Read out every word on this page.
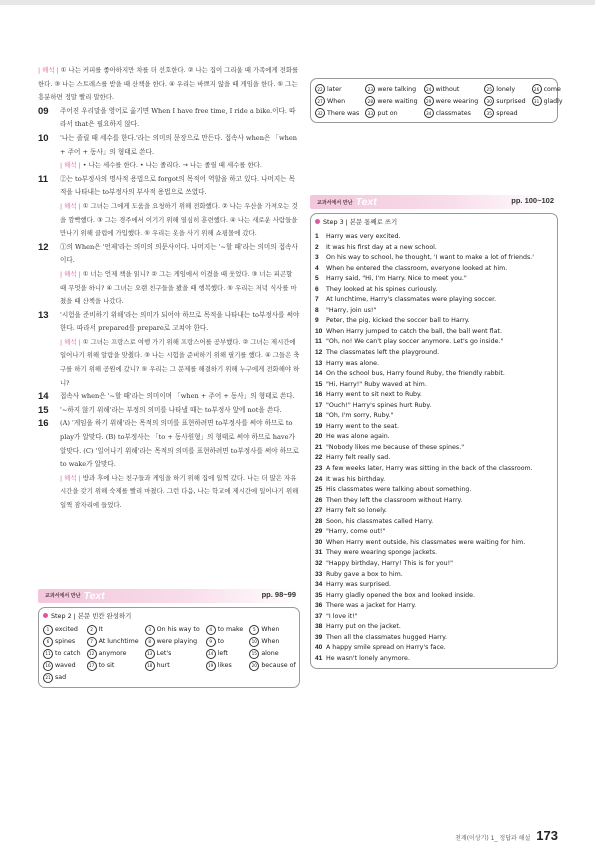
| 해석 | ① 나는 커피를 좋아하지만 차를 더 선호한다. ② 나는 집이 그리울 때 가족에게 전화를 한다. ③ 나는 스트레스를 받을 때 산책을 한다. ④ 우리는 바쁘지 않을 때 게임을 한다. ⑤ 그는 흥분하면 정말 빨리 말한다.

09	주어진 우리말을 영어로 옮기면 When I have free time, I ride a bike.이다. 따라서 that은 필요하지 않다.

10	'나는 졸릴 때 세수를 한다.'라는 의미의 문장으로 만든다. 접속사 when은 「when + 주어 + 동사」의 형태로 쓴다.

| 해석 | • 나는 세수를 한다. • 나는 졸리다. → 나는 졸릴 때 세수를 한다.

11	②는 to부정사의 명사적 용법으로 forgot의 목적어 역할을 하고 있다. 나머지는 목적을 나타내는 to부정사의 부사적 용법으로 쓰였다.

| 해석 | ① 그녀는 그에게 도움을 요청하기 위해 전화했다. ② 나는 우산을 가져오는 것을 깜빡했다. ③ 그는 경주에서 이기기 위해 열심히 훈련했다. ④ 나는 새로운 사람들을 만나기 위해 클럽에 가입했다. ⑤ 우리는 옷을 사기 위해 쇼핑몰에 갔다.

12	①의 When은 '언제'라는 의미의 의문사이다. 나머지는 '~할 때'라는 의미의 접속사이다.

| 해석 | ① 너는 언제 책을 읽니? ② 그는 게임에서 이겼을 때 웃었다. ③ 너는 피곤할 때 무엇을 하니? ④ 그녀는 오랜 친구들을 봤을 때 행복했다. ⑤ 우리는 저녁 식사를 마쳤을 때 산책을 나갔다.

13	'시험을 준비하기 위해'라는 의미가 되어야 하므로 목적을 나타내는 to부정사를 써야 한다. 따라서 prepared를 prepare로 고쳐야 한다.

| 해석 | ① 그녀는 프랑스로 여행 가기 위해 프랑스어를 공부했다. ② 그녀는 제시간에 일어나기 위해 알람을 맞췄다. ③ 나는 시험을 준비하기 위해 필기를 했다. ④ 그들은 축구를 하기 위해 공원에 갔니? ⑤ 우리는 그 문제를 해결하기 위해 누구에게 전화해야 하니?

14	접속사 when은 '~할 때'라는 의미이며 「when + 주어 + 동사」의 형태로 쓴다.

15	'~하지 않기 위해'라는 부정의 의미를 나타낼 때는 to부정사 앞에 not을 쓴다.

16	(A) '게임을 하기 위해'라는 목적의 의미를 표현하려면 to부정사를 써야 하므로 to play가 알맞다. (B) to부정사는 「to + 동사원형」의 형태로 써야 하므로 have가 알맞다. (C) '일어나기 위해'라는 목적의 의미를 표현하려면 to부정사를 써야 하므로 to wake가 알맞다.

| 해석 | 방과 후에 나는 친구들과 게임을 하기 위해 집에 일찍 갔다. 나는 더 많은 자유 시간을 갖기 위해 숙제를 빨리 마쳤다. 그런 다음, 나는 학교에 제시간에 일어나기 위해 일찍 잠자리에 들었다.

교과서에서 만난 Text	pp. 98~99
Step 2 | 본문 빈칸 완성하기
1 excited	2 It	3 On his way to	4 to make	5 When
6 spines	7 At lunchtime	8 were playing	9 to	10 When
11 to catch	12 anymore	13 Let's	14 left	15 alone
16 waved	17 to sit	18 hurt	19 likes	20 because of
21 sad
22 later	23 were talking	24 without	25 lonely	26 come
27 When	28 were waiting	29 were wearing	30 surprised	31 gladly
32 There was	33 put on	34 classmates	35 spread
교과서에서 만난 Text	pp. 100~102
Step 3 | 본문 통째로 쓰기
1	Harry was very excited.
2	It was his first day at a new school.
3	On his way to school, he thought, 'I want to make a lot of friends.'
4	When he entered the classroom, everyone looked at him.
5	Harry said, "Hi, I'm Harry. Nice to meet you."
6	They looked at his spines curiously.
7	At lunchtime, Harry's classmates were playing soccer.
8	"Harry, join us!"
9	Peter, the pig, kicked the soccer ball to Harry.
10 When Harry jumped to catch the ball, the ball went flat.
11 "Oh, no! We can't play soccer anymore. Let's go inside."
12 The classmates left the playground.
13 Harry was alone.
14 On the school bus, Harry found Ruby, the friendly rabbit.
15 "Hi, Harry!" Ruby waved at him.
16 Harry went to sit next to Ruby.
17 "Ouch!" Harry's spines hurt Ruby.
18 "Oh, I'm sorry, Ruby."
19 Harry went to the seat.
20 He was alone again.
21 "Nobody likes me because of these spines."
22 Harry felt really sad.
23 A few weeks later, Harry was sitting in the back of the classroom.
24 It was his birthday.
25 His classmates were talking about something.
26 Then they left the classroom without Harry.
27 Harry felt so lonely.
28 Soon, his classmates called Harry.
29 "Harry, come out!"
30 When Harry went outside, his classmates were waiting for him.
31 They were wearing sponge jackets.
32 "Happy birthday, Harry! This is for you!"
33 Ruby gave a box to him.
34 Harry was surprised.
35 Harry gladly opened the box and looked inside.
36 There was a jacket for Harry.
37 "I love it!"
38 Harry put on the jacket.
39 Then all the classmates hugged Harry.
40 A happy smile spread on Harry's face.
41 He wasn't lonely anymore.
천재(이상기) 1_ 정답과 해설 173
